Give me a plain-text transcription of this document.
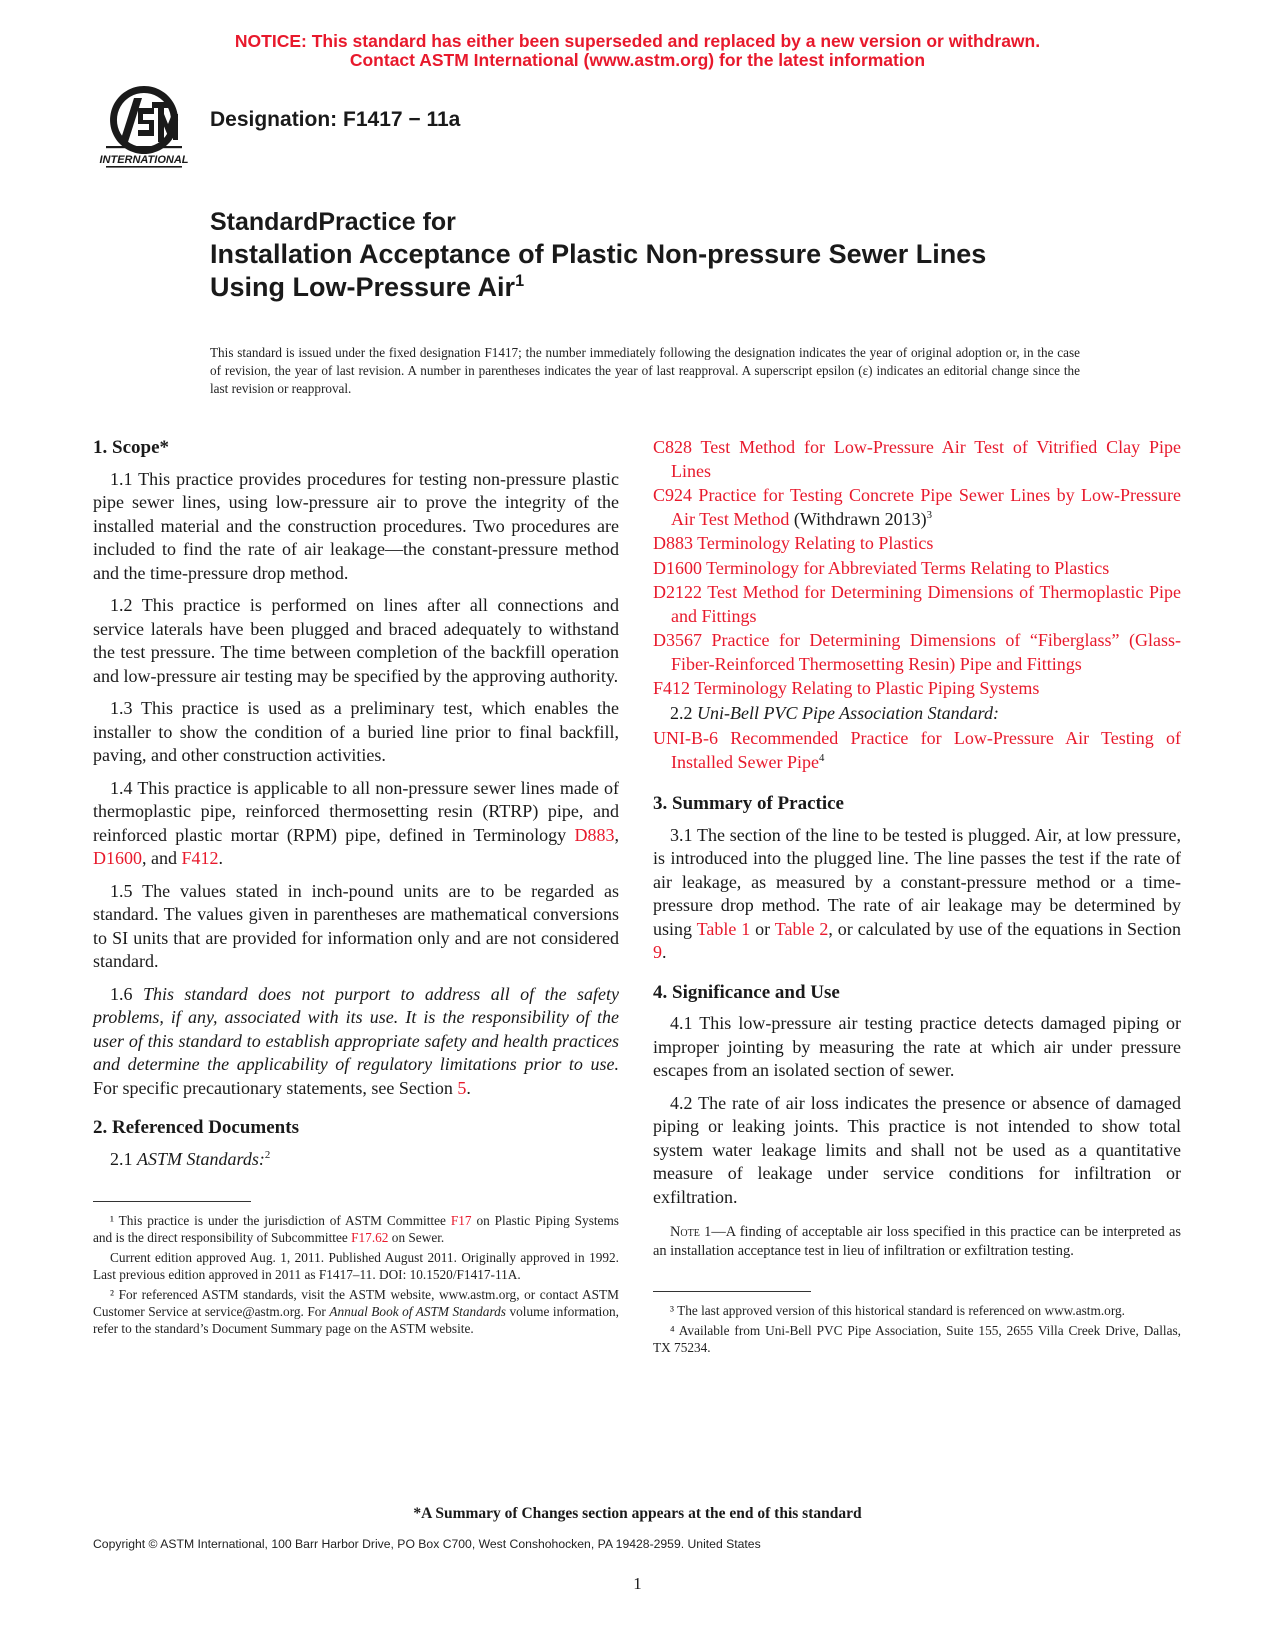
NOTICE: This standard has either been superseded and replaced by a new version or withdrawn.
Contact ASTM International (www.astm.org) for the latest information
INTERNATIONAL
Designation: F1417 − 11a
StandardPractice for
Installation Acceptance of Plastic Non-pressure Sewer Lines
Using Low-Pressure Air$^1$
This standard is issued under the fixed designation F1417; the number immediately following the designation indicates the year of original adoption or, in the case of revision, the year of last revision. A number in parentheses indicates the year of last reapproval. A superscript epsilon (ε) indicates an editorial change since the last revision or reapproval.
1. Scope*
1.1 This practice provides procedures for testing non-pressure plastic pipe sewer lines, using low-pressure air to prove the integrity of the installed material and the construction procedures. Two procedures are included to find the rate of air leakage—the constant-pressure method and the time-pressure drop method.
1.2 This practice is performed on lines after all connections and service laterals have been plugged and braced adequately to withstand the test pressure. The time between completion of the backfill operation and low-pressure air testing may be specified by the approving authority.
1.3 This practice is used as a preliminary test, which enables the installer to show the condition of a buried line prior to final backfill, paving, and other construction activities.
1.4 This practice is applicable to all non-pressure sewer lines made of thermoplastic pipe, reinforced thermosetting resin (RTRP) pipe, and reinforced plastic mortar (RPM) pipe, defined in Terminology D883, D1600, and F412.
1.5 The values stated in inch-pound units are to be regarded as standard. The values given in parentheses are mathematical conversions to SI units that are provided for information only and are not considered standard.
1.6 This standard does not purport to address all of the safety problems, if any, associated with its use. It is the responsibility of the user of this standard to establish appropriate safety and health practices and determine the applicability of regulatory limitations prior to use. For specific precautionary statements, see Section 5.
2. Referenced Documents
2.1 ASTM Standards:$^2$
¹ This practice is under the jurisdiction of ASTM Committee F17 on Plastic Piping Systems and is the direct responsibility of Subcommittee F17.62 on Sewer.
Current edition approved Aug. 1, 2011. Published August 2011. Originally approved in 1992. Last previous edition approved in 2011 as F1417–11. DOI: 10.1520/F1417-11A.
² For referenced ASTM standards, visit the ASTM website, www.astm.org, or contact ASTM Customer Service at service@astm.org. For Annual Book of ASTM Standards volume information, refer to the standard’s Document Summary page on the ASTM website.
C828 Test Method for Low-Pressure Air Test of Vitrified Clay Pipe Lines
C924 Practice for Testing Concrete Pipe Sewer Lines by Low-Pressure Air Test Method (Withdrawn 2013)$^3$
D883 Terminology Relating to Plastics
D1600 Terminology for Abbreviated Terms Relating to Plastics
D2122 Test Method for Determining Dimensions of Thermoplastic Pipe and Fittings
D3567 Practice for Determining Dimensions of “Fiberglass” (Glass-Fiber-Reinforced Thermosetting Resin) Pipe and Fittings
F412 Terminology Relating to Plastic Piping Systems
2.2 Uni-Bell PVC Pipe Association Standard:
UNI-B-6 Recommended Practice for Low-Pressure Air Testing of Installed Sewer Pipe$^4$
3. Summary of Practice
3.1 The section of the line to be tested is plugged. Air, at low pressure, is introduced into the plugged line. The line passes the test if the rate of air leakage, as measured by a constant-pressure method or a time-pressure drop method. The rate of air leakage may be determined by using Table 1 or Table 2, or calculated by use of the equations in Section 9.
4. Significance and Use
4.1 This low-pressure air testing practice detects damaged piping or improper jointing by measuring the rate at which air under pressure escapes from an isolated section of sewer.
4.2 The rate of air loss indicates the presence or absence of damaged piping or leaking joints. This practice is not intended to show total system water leakage limits and shall not be used as a quantitative measure of leakage under service conditions for infiltration or exfiltration.
Note 1—A finding of acceptable air loss specified in this practice can be interpreted as an installation acceptance test in lieu of infiltration or exfiltration testing.
³ The last approved version of this historical standard is referenced on www.astm.org.
⁴ Available from Uni-Bell PVC Pipe Association, Suite 155, 2655 Villa Creek Drive, Dallas, TX 75234.
*A Summary of Changes section appears at the end of this standard
Copyright © ASTM International, 100 Barr Harbor Drive, PO Box C700, West Conshohocken, PA 19428-2959. United States
1
